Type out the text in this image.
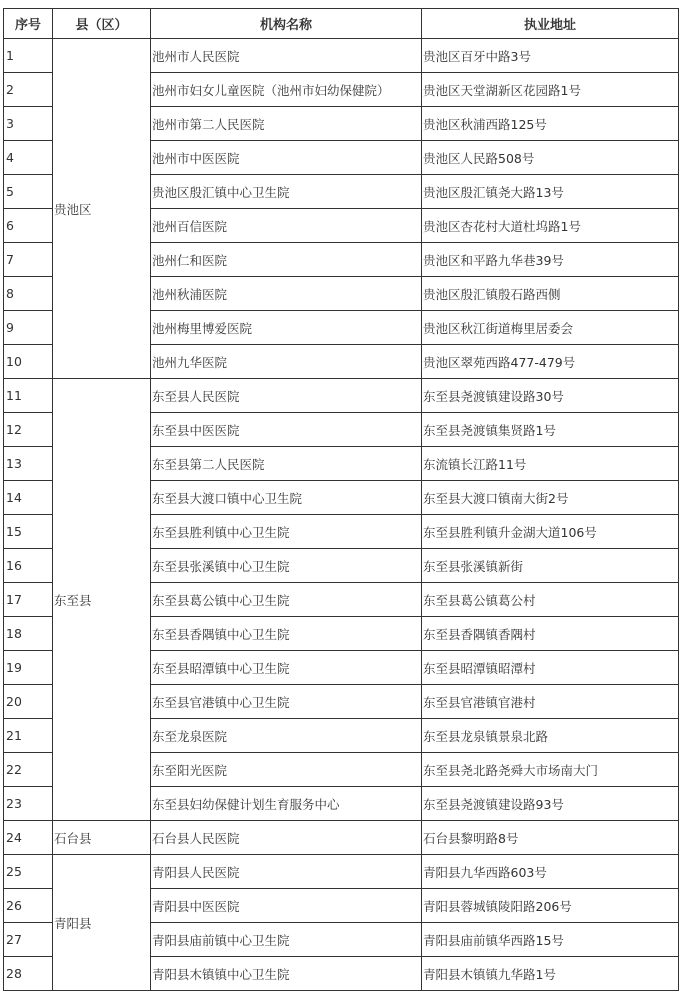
序号	县（区）	机构名称	执业地址
1	贵池区	池州市人民医院	贵池区百牙中路3号
2		池州市妇女儿童医院（池州市妇幼保健院）	贵池区天堂湖新区花园路1号
3		池州市第二人民医院	贵池区秋浦西路125号
4		池州市中医医院	贵池区人民路508号
5		贵池区殷汇镇中心卫生院	贵池区殷汇镇尧大路13号
6		池州百信医院	贵池区杏花村大道杜坞路1号
7		池州仁和医院	贵池区和平路九华巷39号
8		池州秋浦医院	贵池区殷汇镇殷石路西侧
9		池州梅里博爱医院	贵池区秋江街道梅里居委会
10		池州九华医院	贵池区翠苑西路477-479号
11	东至县	东至县人民医院	东至县尧渡镇建设路30号
12		东至县中医医院	东至县尧渡镇集贤路1号
13		东至县第二人民医院	东流镇长江路11号
14		东至县大渡口镇中心卫生院	东至县大渡口镇南大街2号
15		东至县胜利镇中心卫生院	东至县胜利镇升金湖大道106号
16		东至县张溪镇中心卫生院	东至县张溪镇新街
17		东至县葛公镇中心卫生院	东至县葛公镇葛公村
18		东至县香隅镇中心卫生院	东至县香隅镇香隅村
19		东至县昭潭镇中心卫生院	东至县昭潭镇昭潭村
20		东至县官港镇中心卫生院	东至县官港镇官港村
21		东至龙泉医院	东至县龙泉镇景泉北路
22		东至阳光医院	东至县尧北路尧舜大市场南大门
23		东至县妇幼保健计划生育服务中心	东至县尧渡镇建设路93号
24	石台县	石台县人民医院	石台县黎明路8号
25	青阳县	青阳县人民医院	青阳县九华西路603号
26		青阳县中医医院	青阳县蓉城镇陵阳路206号
27		青阳县庙前镇中心卫生院	青阳县庙前镇华西路15号
28		青阳县木镇镇中心卫生院	青阳县木镇镇九华路1号
